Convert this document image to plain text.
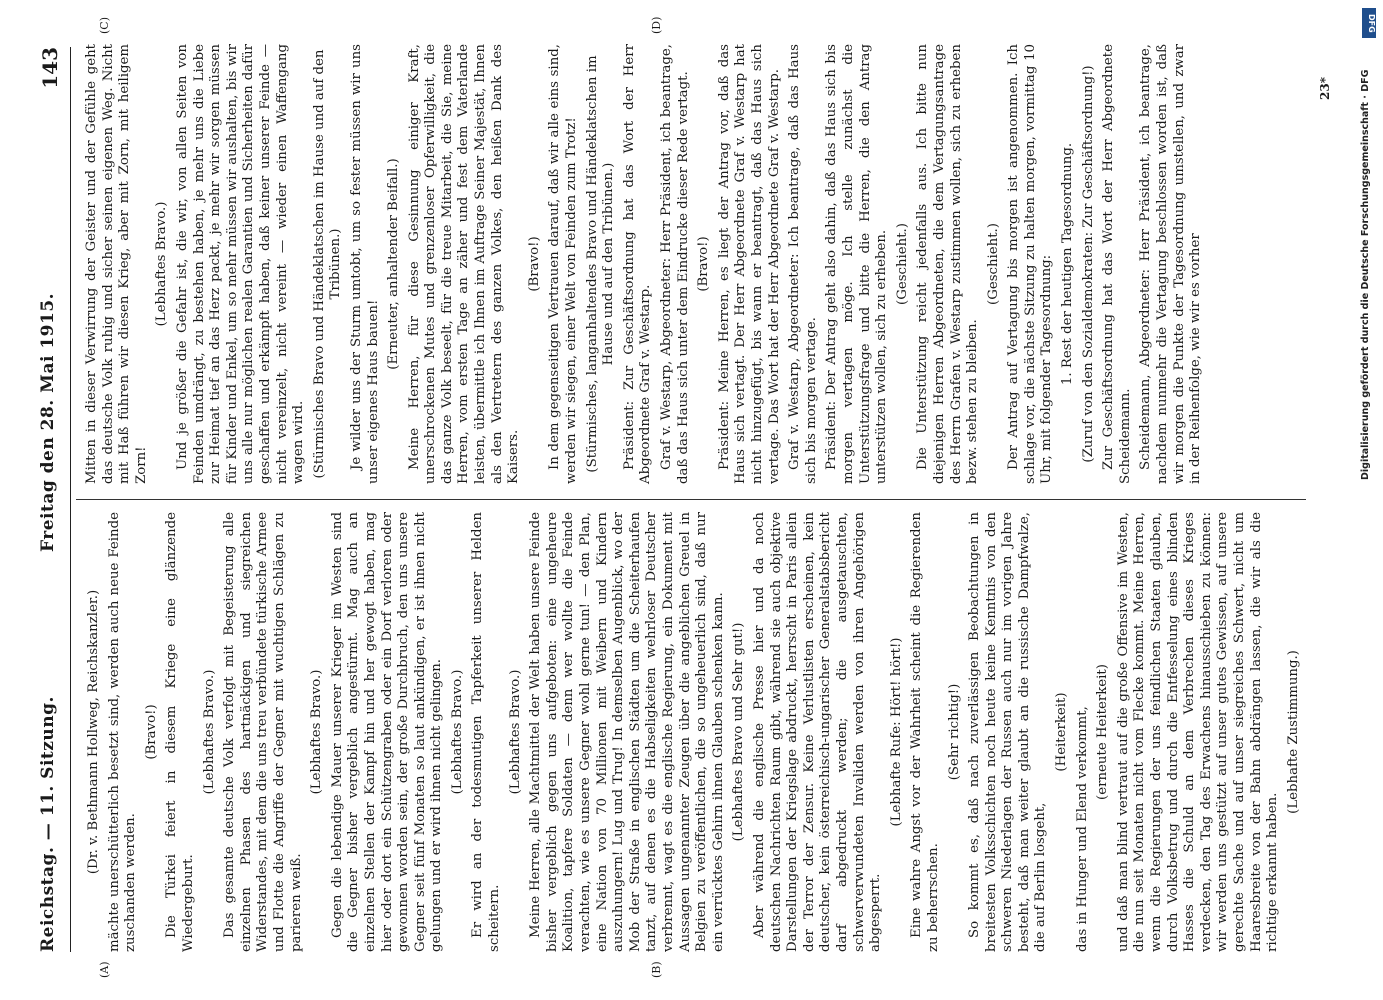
Reichstag. — 11. Sitzung.
Freitag den 28. Mai 1915.
143
(A)	(B)
(C)	(D)

(Dr. v. Bethmann Hollweg, Reichskanzler.) mächte unerschütterlich besetzt sind, werden auch neue Feinde zuschanden werden.

(Bravo!) Die Türkei feiert in diesem Kriege eine glänzende Wiedergeburt.

(Lebhaftes Bravo.) Das gesamte deutsche Volk verfolgt mit Begeisterung alle einzelnen Phasen des hartnäckigen und siegreichen Widerstandes, mit dem die uns treu verbündete türkische Armee und Flotte die Angriffe der Gegner mit wuchtigen Schlägen zu parieren weiß.

(Lebhaftes Bravo.) Gegen die lebendige Mauer unserer Krieger im Westen sind die Gegner bisher vergeblich angestürmt. Mag auch an einzelnen Stellen der Kampf hin und her gewogt haben, mag hier oder dort ein Schützengraben oder ein Dorf verloren oder gewonnen worden sein, der große Durchbruch, den uns unsere Gegner seit fünf Monaten so laut ankündigen, er ist ihnen nicht gelungen und er wird ihnen nicht gelingen. (Lebhaftes Bravo.) Er wird an der todesmutigen Tapferkeit unserer Helden scheitern.

(Lebhaftes Bravo.) Meine Herren, alle Machtmittel der Welt haben unsere Feinde bisher vergeblich gegen uns aufgeboten: eine ungeheure Koalition, tapfere Soldaten — denn wer wollte die Feinde verachten, wie es unsere Gegner wohl gerne tun! — den Plan, eine Nation von 70 Millionen mit Weibern und Kindern auszuhungern! Lug und Trug! In demselben Augenblick, wo der Mob der Straße in englischen Städten um die Scheiterhaufen tanzt, auf denen es die Habseligkeiten wehrloser Deutscher verbrennt, wagt es die englische Regierung, ein Dokument mit Aussagen ungenannter Zeugen über die angeblichen Greuel in Belgien zu veröffentlichen, die so ungeheuerlich sind, daß nur ein verrücktes Gehirn ihnen Glauben schenken kann. (Lebhaftes Bravo und Sehr gut!) Aber während die englische Presse hier und da noch deutschen Nachrichten Raum gibt, während sie auch objektive Darstellungen der Kriegslage abdruckt, herrscht in Paris allein der Terror der Zensur. Keine Verlustlisten erscheinen, kein deutscher, kein österreichisch-ungarischer Generalstabsbericht darf abgedruckt werden; die ausgetauschten, schwerverwundeten Invaliden werden von ihren Angehörigen abgesperrt.

(Lebhafte Rufe: Hört! hört!) Eine wahre Angst vor der Wahrheit scheint die Regierenden zu beherrschen.

(Sehr richtig!) So kommt es, daß nach zuverlässigen Beobachtungen in breitesten Volksschichten noch heute keine Kenntnis von den schweren Niederlagen der Russen auch nur im vorigen Jahre besteht, daß man weiter glaubt an die russische Dampfwalze, die auf Berlin losgeht,

(Heiterkeit) das in Hunger und Elend verkommt, (erneute Heiterkeit) und daß man blind vertraut auf die große Offensive im Westen, die nun seit Monaten nicht vom Flecke kommt. Meine Herren, wenn die Regierungen der uns feindlichen Staaten glauben, durch Volksbetrug und durch die Entfesselung eines blinden Hasses die Schuld an dem Verbrechen dieses Krieges verdecken, den Tag des Erwachens hinausschieben zu können: wir werden uns gestützt auf unser gutes Gewissen, auf unsere gerechte Sache und auf unser siegreiches Schwert, nicht um Haaresbreite von der Bahn abdrängen lassen, die wir als die richtige erkannt haben.

(Lebhafte Zustimmung.)

Mitten in dieser Verwirrung der Geister und der Gefühle geht das deutsche Volk ruhig und sicher seinen eigenen Weg. Nicht mit Haß führen wir diesen Krieg, aber mit Zorn, mit heiligem Zorn!

(Lebhaftes Bravo.) Und je größer die Gefahr ist, die wir, von allen Seiten von Feinden umdrängt, zu bestehen haben, je mehr uns die Liebe zur Heimat tief an das Herz packt, je mehr wir sorgen müssen für Kinder und Enkel, um so mehr müssen wir aushalten, bis wir uns alle nur möglichen realen Garantien und Sicherheiten dafür geschaffen und erkämpft haben, daß keiner unserer Feinde — nicht vereinzelt, nicht vereint — wieder einen Waffengang wagen wird. (Stürmisches Bravo und Händeklatschen im Hause und auf den Tribünen.) Je wilder uns der Sturm umtobt, um so fester müssen wir uns unser eigenes Haus bauen!

(Erneuter, anhaltender Beifall.) Meine Herren, für diese Gesinnung einiger Kraft, unerschrockenen Mutes und grenzenloser Opferwilligkeit, die das ganze Volk beseelt, für die treue Mitarbeit, die Sie, meine Herren, vom ersten Tage an zäher und fest dem Vaterlande leisten, übermittle ich Ihnen im Auftrage Seiner Majestät, Ihnen als den Vertretern des ganzen Volkes, den heißen Dank des Kaisers.

(Bravo!) In dem gegenseitigen Vertrauen darauf, daß wir alle eins sind, werden wir siegen, einer Welt von Feinden zum Trotz! (Stürmisches, langanhaltendes Bravo und Händeklatschen im Hause und auf den Tribünen.) Präsident: Zur Geschäftsordnung hat das Wort der Herr Abgeordnete Graf v. Westarp. Graf v. Westarp, Abgeordneter: Herr Präsident, ich beantrage, daß das Haus sich unter dem Eindrucke dieser Rede vertagt. (Bravo!) Präsident: Meine Herren, es liegt der Antrag vor, daß das Haus sich vertagt. Der Herr Abgeordnete Graf v. Westarp hat nicht hinzugefügt, bis wann er beantragt, daß das Haus sich vertage. Das Wort hat der Herr Abgeordnete Graf v. Westarp. Graf v. Westarp, Abgeordneter: Ich beantrage, daß das Haus sich bis morgen vertage. Präsident: Der Antrag geht also dahin, daß das Haus sich bis morgen vertagen möge. Ich stelle zunächst die Unterstützungsfrage und bitte die Herren, die den Antrag unterstützen wollen, sich zu erheben. (Geschieht.) Die Unterstützung reicht jedenfalls aus. Ich bitte nun diejenigen Herren Abgeordneten, die dem Vertagungsantrage des Herrn Grafen v. Westarp zustimmen wollen, sich zu erheben bezw. stehen zu bleiben.

(Geschieht.) Der Antrag auf Vertagung bis morgen ist angenommen. Ich schlage vor, die nächste Sitzung zu halten morgen, vormittag 10 Uhr, mit folgender Tagesordnung: 1. Rest der heutigen Tagesordnung. (Zuruf von den Sozialdemokraten: Zur Geschäftsordnung!) Zur Geschäftsordnung hat das Wort der Herr Abgeordnete Scheidemann. Scheidemann, Abgeordneter: Herr Präsident, ich beantrage, nachdem nunmehr die Vertagung beschlossen worden ist, daß wir morgen die Punkte der Tagesordnung umstellen, und zwar in der Reihenfolge, wie wir es vorher

23*
DFG
Digitalisierung gefördert durch die Deutsche Forschungsgemeinschaft ∙ DFG
